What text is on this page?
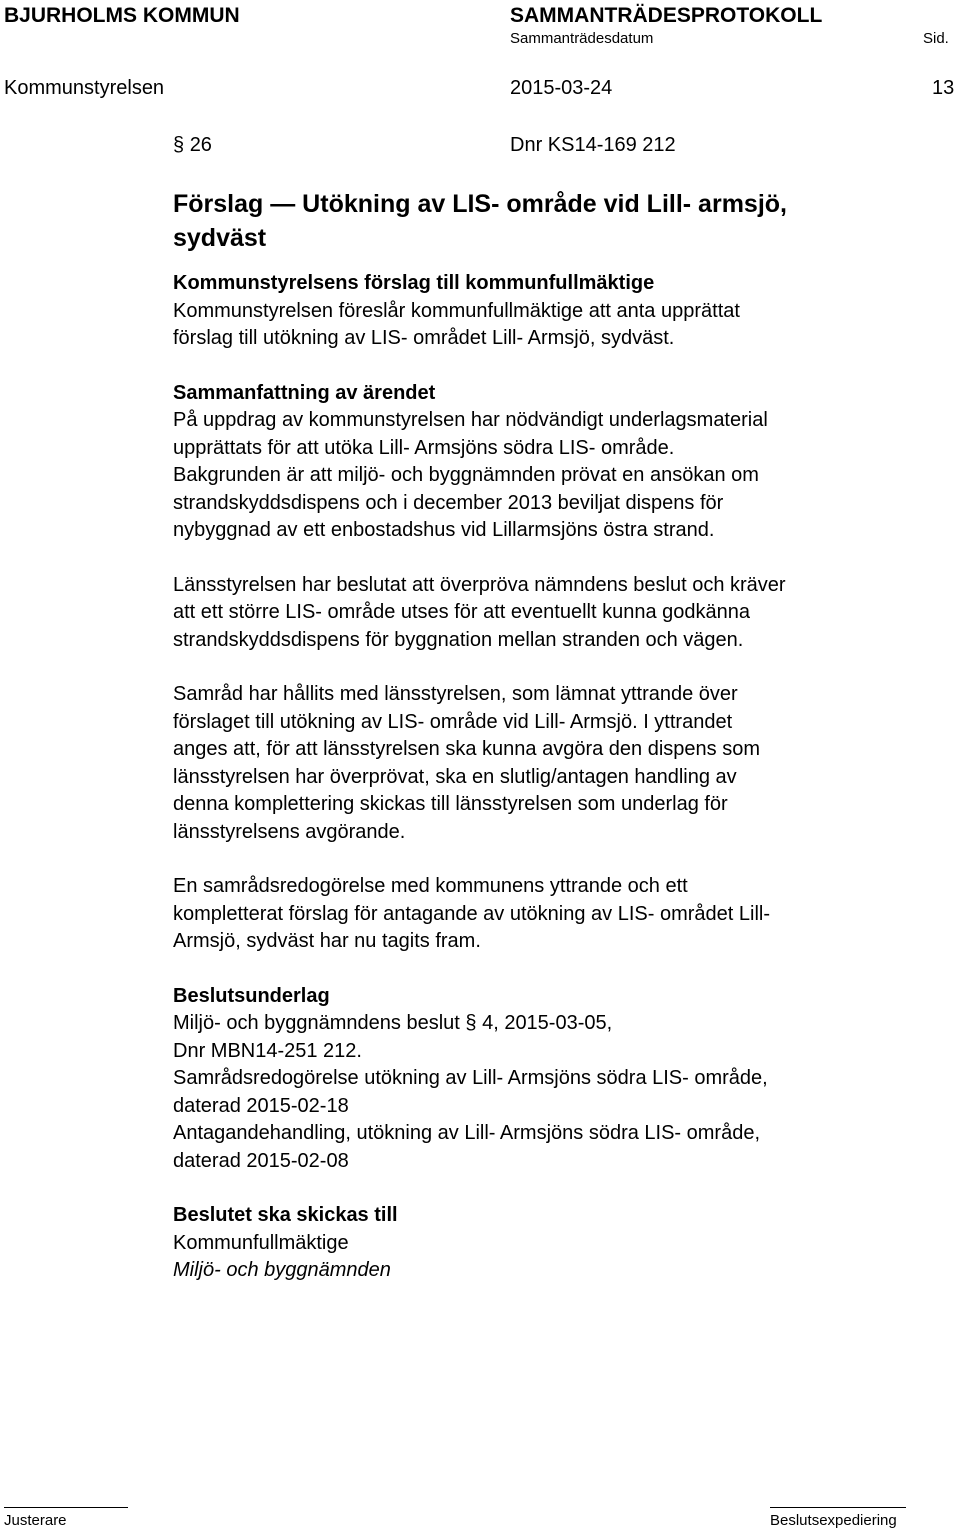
BJURHOLMS KOMMUN	SAMMANTRÄDESPROTOKOLL
Sammanträdesdatum	Sid.
Kommunstyrelsen	2015-03-24	13
§ 26	Dnr KS14-169 212

Förslag — Utökning av LIS- område vid Lill- armsjö,

sydväst

Kommunstyrelsens förslag till kommunfullmäktige

Kommunstyrelsen föreslår kommunfullmäktige att anta upprättat

förslag till utökning av LIS- området Lill- Armsjö, sydväst.

Sammanfattning av ärendet

På uppdrag av kommunstyrelsen har nödvändigt underlagsmaterial

upprättats för att utöka Lill- Armsjöns södra LIS- område.

Bakgrunden är att miljö- och byggnämnden prövat en ansökan om

strandskyddsdispens och i december 2013 beviljat dispens för

nybyggnad av ett enbostadshus vid Lillarmsjöns östra strand.

Länsstyrelsen har beslutat att överpröva nämndens beslut och kräver

att ett större LIS- område utses för att eventuellt kunna godkänna

strandskyddsdispens för byggnation mellan stranden och vägen.

Samråd har hållits med länsstyrelsen, som lämnat yttrande över

förslaget till utökning av LIS- område vid Lill- Armsjö. I yttrandet

anges att, för att länsstyrelsen ska kunna avgöra den dispens som

länsstyrelsen har överprövat, ska en slutlig/antagen handling av

denna komplettering skickas till länsstyrelsen som underlag för

länsstyrelsens avgörande.

En samrådsredogörelse med kommunens yttrande och ett

kompletterat förslag för antagande av utökning av LIS- området Lill-

Armsjö, sydväst har nu tagits fram.

Beslutsunderlag

Miljö- och byggnämndens beslut § 4, 2015-03-05,

Dnr MBN14-251 212.

Samrådsredogörelse utökning av Lill- Armsjöns södra LIS- område,

daterad 2015-02-18

Antagandehandling, utökning av Lill- Armsjöns södra LIS- område,

daterad 2015-02-08

Beslutet ska skickas till

Kommunfullmäktige

Miljö- och byggnämnden

Justerare	Beslutsexpediering
